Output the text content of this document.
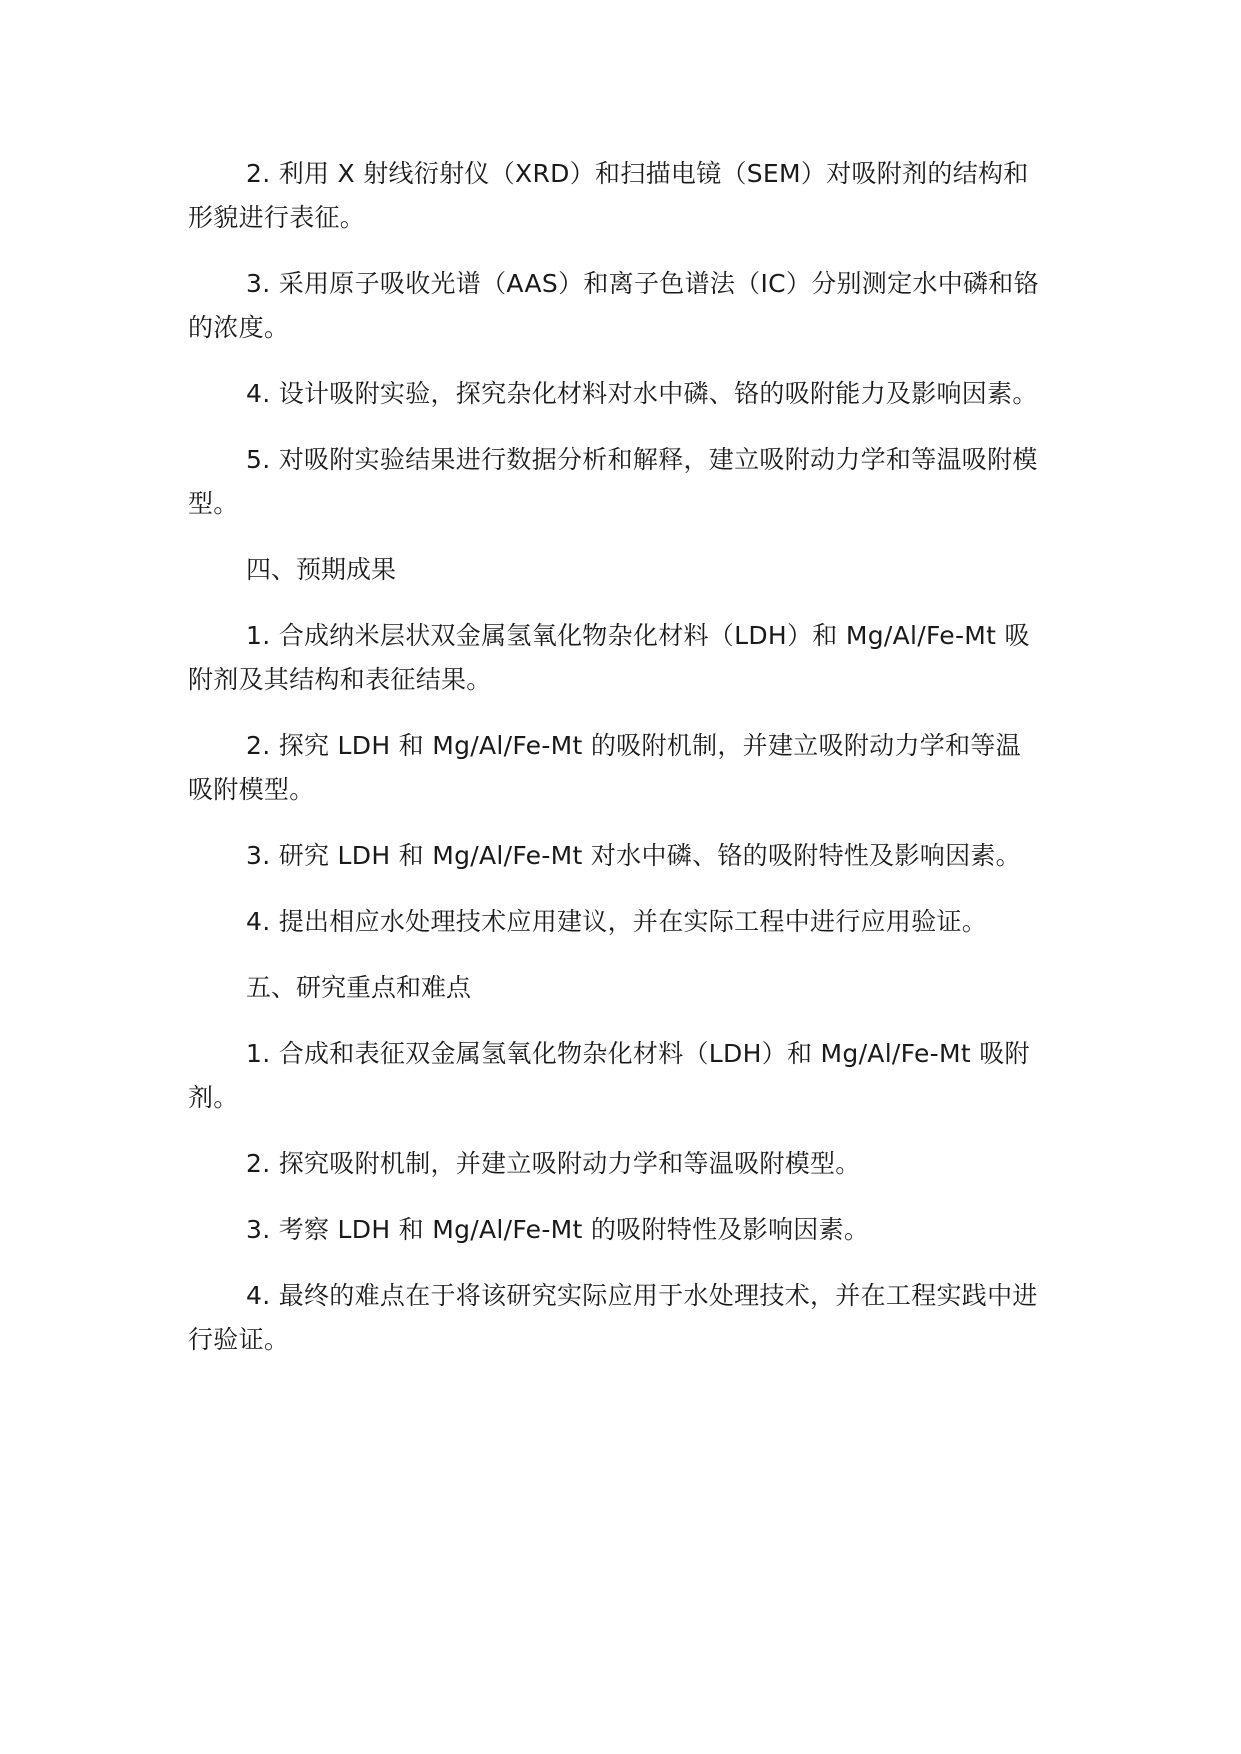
2. 利用 X 射线衍射仪（XRD）和扫描电镜（SEM）对吸附剂的结构和形貌进行表征。

3. 采用原子吸收光谱（AAS）和离子色谱法（IC）分别测定水中磷和铬的浓度。

4. 设计吸附实验，探究杂化材料对水中磷、铬的吸附能力及影响因素。

5. 对吸附实验结果进行数据分析和解释，建立吸附动力学和等温吸附模型。

四、预期成果

1. 合成纳米层状双金属氢氧化物杂化材料（LDH）和 Mg/Al/Fe-Mt 吸附剂及其结构和表征结果。

2. 探究 LDH 和 Mg/Al/Fe-Mt 的吸附机制，并建立吸附动力学和等温吸附模型。

3. 研究 LDH 和 Mg/Al/Fe-Mt 对水中磷、铬的吸附特性及影响因素。

4. 提出相应水处理技术应用建议，并在实际工程中进行应用验证。

五、研究重点和难点

1. 合成和表征双金属氢氧化物杂化材料（LDH）和 Mg/Al/Fe-Mt 吸附剂。

2. 探究吸附机制，并建立吸附动力学和等温吸附模型。

3. 考察 LDH 和 Mg/Al/Fe-Mt 的吸附特性及影响因素。

4. 最终的难点在于将该研究实际应用于水处理技术，并在工程实践中进行验证。
